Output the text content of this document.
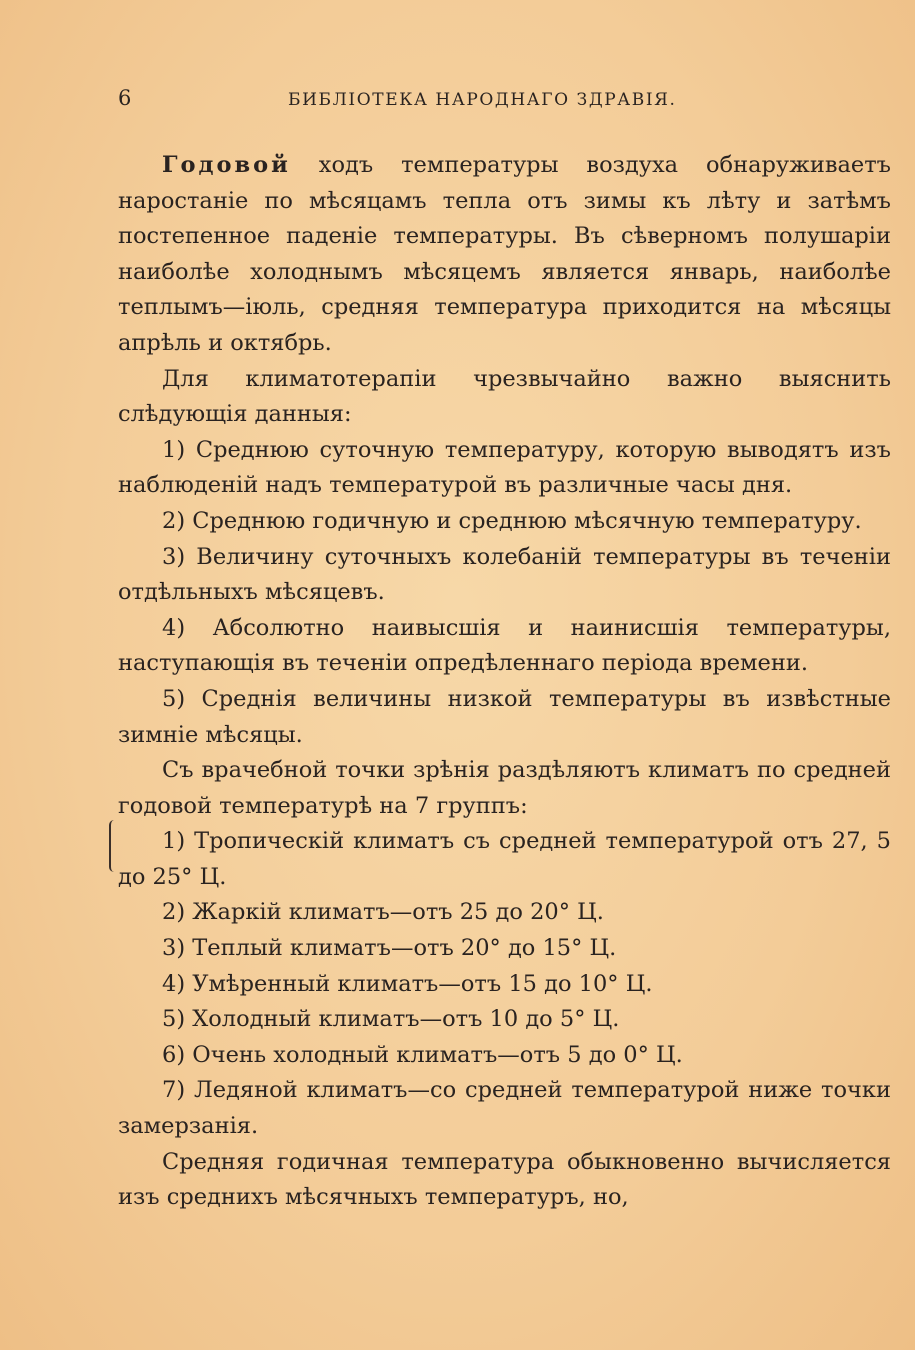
6	БИБЛІОТЕКА НАРОДНАГО ЗДРАВІЯ.

Годовой ходъ температуры воздуха обнаруживаетъ наростаніе по мѣсяцамъ тепла отъ зимы къ лѣту и затѣмъ постепенное паденіе температуры. Въ сѣверномъ полушаріи наиболѣе холоднымъ мѣсяцемъ является январь, наиболѣе теплымъ—іюль, средняя температура приходится на мѣсяцы апрѣль и октябрь.

Для климатотерапіи чрезвычайно важно выяснить слѣдующія данныя:

1) Среднюю суточную температуру, которую выводятъ изъ наблюденій надъ температурой въ различные часы дня.

2) Среднюю годичную и среднюю мѣсячную температуру.

3) Величину суточныхъ колебаній температуры въ теченіи отдѣльныхъ мѣсяцевъ.

4) Абсолютно наивысшія и наинисшія температуры, наступающія въ теченіи опредѣленнаго періода времени.

5) Среднія величины низкой температуры въ извѣстные зимніе мѣсяцы.

Съ врачебной точки зрѣнія раздѣляютъ климатъ по средней годовой температурѣ на 7 группъ:

1) Тропическій климатъ съ средней температурой отъ 27, 5 до 25° Ц.

2) Жаркій климатъ—отъ 25 до 20° Ц.

3) Теплый климатъ—отъ 20° до 15° Ц.

4) Умѣренный климатъ—отъ 15 до 10° Ц.

5) Холодный климатъ—отъ 10 до 5° Ц.

6) Очень холодный климатъ—отъ 5 до 0° Ц.

7) Ледяной климатъ—со средней температурой ниже точки замерзанія.

Средняя годичная температура обыкновенно вычисляется изъ среднихъ мѣсячныхъ температуръ, но,
